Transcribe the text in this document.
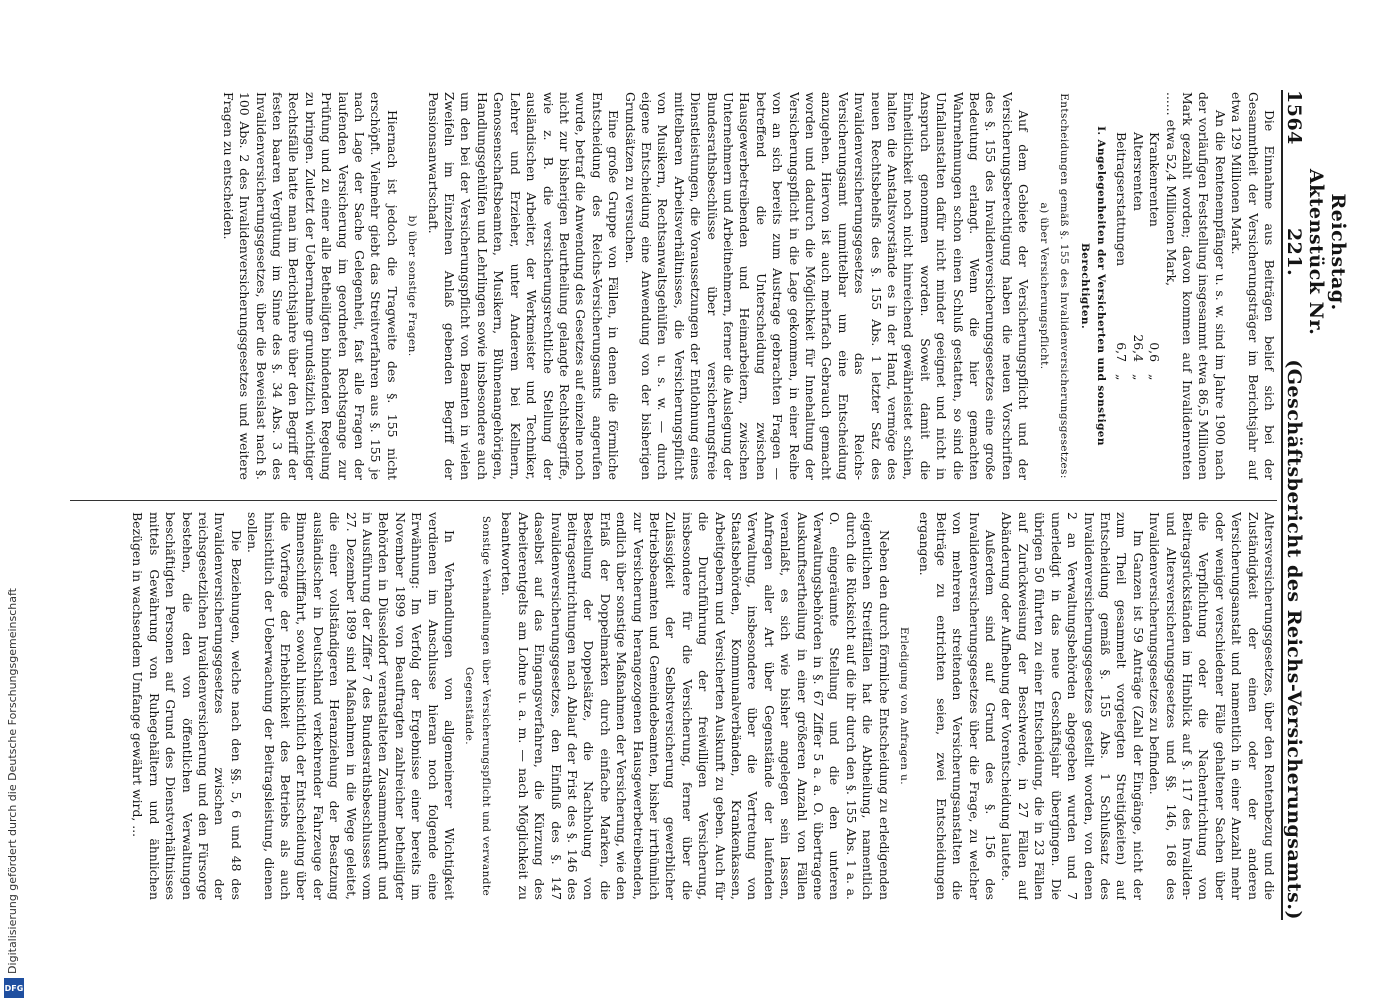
1564
Reichstag. Aktenstück Nr. 221.
(Geschäftsbericht des Reichs-Versicherungsamts.)

Die Einnahme aus Beiträgen belief sich bei der Gesammtheit der Versicherungsträger im Berichtsjahr auf etwa 129 Millionen Mark.

An die Rentenempfänger u. s. w. sind im Jahre 1900 nach der vorläufigen Feststellung insgesammt etwa 86,5 Millionen Mark gezahlt worden; davon kommen auf Invalidenrenten ...... etwa 52,4 Millionen Mark,

Krankenrenten
0,6
„
Altersrenten
26,4
„
Beitragserstattungen
6,7
„

I. Angelegenheiten der Versicherten und sonstigen Berechtigten.

Entscheidungen gemäß §. 155 des Invalidenversicherungsgesetzes:

a) über Versicherungspflicht.

Auf dem Gebiete der Versicherungspflicht und der Versicherungsberechtigung haben die neuen Vorschriften des §. 155 des Invalidenversicherungsgesetzes eine große Bedeutung erlangt. Wenn die hier gemachten Wahrnehmungen schon einen Schluß gestatten, so sind die Unfallanstalten dafür nicht minder geeignet und nicht in Anspruch genommen worden. Soweit damit die Einheitlichkeit noch nicht hinreichend gewährleistet schien, halten die Anstaltsvorstände es in der Hand, vermöge des neuen Rechtsbehelfs des §. 155 Abs. 1 letzter Satz des Invalidenversicherungsgesetzes das Reichs-Versicherungsamt unmittelbar um eine Entscheidung anzugehen. Hiervon ist auch mehrfach Gebrauch gemacht worden und dadurch die Möglichkeit für Innehaltung der Versicherungspflicht in die Lage gekommen, in einer Reihe von an sich bereits zum Austrage gebrachten Fragen — betreffend die Unterscheidung zwischen Hausgewerbetreibenden und Heimarbeitern, zwischen Unternehmern und Arbeitnehmern, ferner die Auslegung der Bundesrathsbeschlüsse über versicherungsfreie Dienstleistungen, die Voraussetzungen der Entlohnung eines mittelbaren Arbeitsverhältnisses, die Versicherungspflicht von Musikern, Rechtsanwaltsgehülfen u. s. w. — durch eigene Entscheidung eine Anwendung von der bisherigen Grundsätzen zu versuchen.

Eine große Gruppe von Fällen, in denen die förmliche Entscheidung des Reichs-Versicherungsamts angerufen wurde, betraf die Anwendung des Gesetzes auf einzelne noch nicht zur bisherigen Beurtheilung gelangte Rechtsbegriffe, wie z. B. die versicherungsrechtliche Stellung der ausländischen Arbeiter, der Werkmeister und Techniker, Lehrer und Erzieher, unter Anderem bei Kellnern, Genossenschaftsbeamten, Musikern, Bühnenangehörigen, Handlungsgehülfen und Lehrlingen sowie insbesondere auch um den bei der Versicherungspflicht von Beamten in vielen Zweifeln im Einzelnen Anlaß gebenden Begriff der Pensionsanwartschaft.

b) über sonstige Fragen.

Hiernach ist jedoch die Tragweite des §. 155 nicht erschöpft. Vielmehr giebt das Streitverfahren aus §. 155 je nach Lage der Sache Gelegenheit, fast alle Fragen der laufenden Versicherung im geordneten Rechtsgange zur Prüfung und zu einer alle Betheiligten bindenden Regelung zu bringen. Zuletzt der Uebernahme grundsätzlich wichtiger Rechtsfälle hatte man im Berichtsjahre über den Begriff der festen baaren Vergütung im Sinne des §. 34 Abs. 3 des Invalidenversicherungsgesetzes, über die Beweislast nach §. 100 Abs. 2 des Invalidenversicherungsgesetzes und weitere Fragen zu entscheiden.

Altersversicherungsgesetzes, über den Rentenbezug und die Zuständigkeit der einen oder der anderen Versicherungsanstalt und namentlich in einer Anzahl mehr oder weniger verschiedener Fälle gehaltener Sachen über die Verpflichtung oder die Nachentrichtung von Beitragsrückständen im Hinblick auf §. 117 des Invaliden- und Altersversicherungsgesetzes und §§. 146, 168 des Invalidenversicherungsgesetzes zu befinden.

Im Ganzen ist 59 Anträge (Zahl der Eingänge, nicht der zum Theil gesammelt vorgelegten Streitigkeiten) auf Entscheidung gemäß §. 155 Abs. 1 Schlußsatz des Invalidenversicherungsgesetzes gestellt worden, von denen 2 an Verwaltungsbehörden abgegeben wurden und 7 unerledigt in das neue Geschäftsjahr übergingen. Die übrigen 50 führten zu einer Entscheidung, die in 23 Fällen auf Zurückweisung der Beschwerde, in 27 Fällen auf Abänderung oder Aufhebung der Vorentscheidung lautete.

Außerdem sind auf Grund des §. 156 des Invalidenversicherungsgesetzes über die Frage, zu welcher von mehreren streitenden Versicherungsanstalten die Beiträge zu entrichten seien, zwei Entscheidungen ergangen.

Erledigung von Anfragen u.

Neben den durch förmliche Entscheidung zu erledigenden eigentlichen Streitfällen hat die Abtheilung, namentlich durch die Rücksicht auf die ihr durch den §. 155 Abs. 1 a. a. O. eingeräumte Stellung und die den unteren Verwaltungsbehörden in §. 67 Ziffer 5 a. a. O. übertragene Auskunftsertheilung in einer größeren Anzahl von Fällen veranlaßt, es sich wie bisher angelegen sein lassen, Anfragen aller Art über Gegenstände der laufenden Verwaltung, insbesondere über die Vertretung von Staatsbehörden, Kommunalverbänden, Krankenkassen, Arbeitgebern und Versicherten Auskunft zu geben. Auch für die Durchführung der freiwilligen Versicherung, insbesondere für die Versicherung, ferner über die Zulässigkeit der Selbstversicherung gewerblicher Betriebsbeamten und Gemeindebeamten, bisher irrthümlich zur Versicherung herangezogenen Hausgewerbetreibenden, endlich über sonstige Maßnahmen der Versicherung, wie den Erlaß der Doppelmarken durch einfache Marken, die Bestellung der Doppelsätze, die Nachholung von Beitragsentrichtungen nach Ablauf der Frist des §. 146 des Invalidenversicherungsgesetzes, den Einfluß des §. 147 daselbst auf das Eingangsverfahren, die Kürzung des Arbeiterentgelts am Lohne u. a. m. — nach Möglichkeit zu beantworten.

Sonstige Verhandlungen über Versicherungspflicht und verwandte Gegenstände.

In Verhandlungen von allgemeinerer Wichtigkeit verdienen im Anschlusse hieran noch folgende eine Erwähnung: Im Verfolg der Ergebnisse einer bereits im November 1899 von Beauftragten zahlreicher betheiligter Behörden in Düsseldorf veranstalteten Zusammenkunft und in Ausführung der Ziffer 7 des Bundesrathsbeschlusses vom 27. Dezember 1899 sind Maßnahmen in die Wege geleitet, die einer vollständigeren Heranziehung der Besatzung ausländischer in Deutschland verkehrender Fahrzeuge der Binnenschifffahrt, sowohl hinsichtlich der Entscheidung über die Vorfrage der Erheblichkeit des Betriebs als auch hinsichtlich der Ueberwachung der Beitragsleistung, dienen sollen.

Die Beziehungen, welche nach den §§. 5, 6 und 48 des Invalidenversicherungsgesetzes zwischen der reichsgesetzlichen Invalidenversicherung und den Fürsorge bestehen, die den von öffentlichen Verwaltungen beschäftigten Personen auf Grund des Dienstverhältnisses mittels Gewährung von Ruhegehältern und ähnlichen Bezügen in wachsendem Umfange gewährt wird, ...

Digitalisierung gefördert durch die Deutsche Forschungsgemeinschaft
DFG
